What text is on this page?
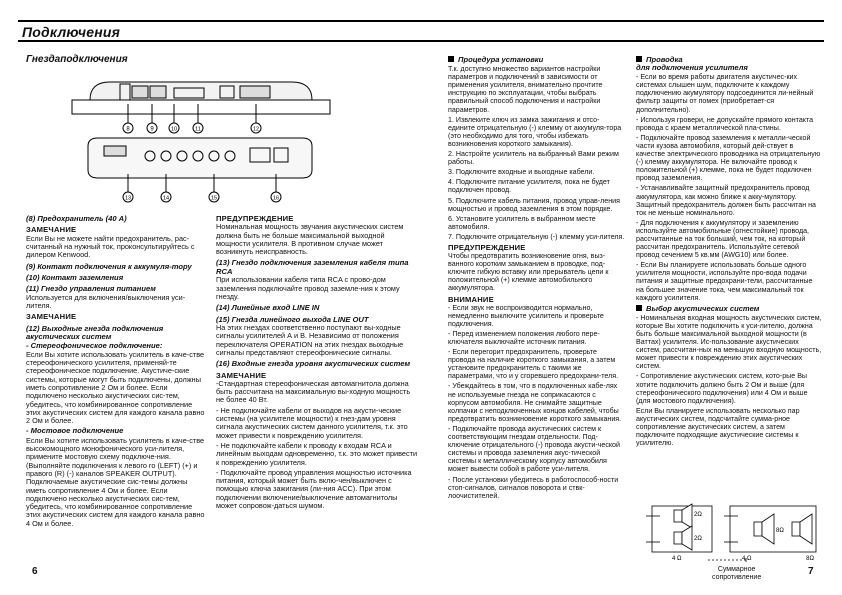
Подключения
Гнездаподключения
8	9	10	11	12
13	14	15	16
(8) Предохранитель (40 А)
ЗАМЕЧАНИЕ

Если Вы не можете найти предохранитель, рас-считанный на нужный ток, проконсультируйтесь с дилером Kenwood.

(9) Контакт подключения к аккумуля-тору
(10) Контакт заземления
(11) Гнездо управления питанием

Используется для включения/выключения уси-лителя.

ЗАМЕЧАНИЕ
(12) Выходные гнезда подключения акустических систем
- Стереофоническое подключение:

Если Вы хотите использовать усилитель в каче-стве стереофонического усилителя, применяй-те стереофоническое подключение. Акустиче-ские системы, которые могут быть подключены, должны иметь сопротивление 2 Ом и более. Если подключено несколько акустических сис-тем, убедитесь, что комбинированное сопротивление этих акустических систем для каждого канала равно 2 Ом и более.

- Мостовое подключение

Если Вы хотите использовать усилитель в каче-стве высокомощного монофонического уси-лителя, примените мостовую схему подключе-ния. (Выполняйте подключения к левого го (LEFT) (+) и правого (R) (-) каналов SPEAKER OUTPUT). Подключаемые акустические сис-темы должны иметь сопротивление 4 Ом и более. Если подключено несколько акустических сис-тем, убедитесь, что комбинированное сопротивление этих акустических систем для каждого канала равно 4 Ом и более.

ПРЕДУПРЕЖДЕНИЕ

Номинальная мощность звучания акустических систем должна быть не больше максимальной выходной мощности усилителя. В противном случае может возникнуть неисправность.

(13) Гнездо подключения заземления кабеля типа RCA

При использовании кабеля типа RCA с прово-дом заземления подключайте провод заземле-ния к этому гнезду.

(14) Линейные вход LINE IN
(15) Гнезда линейного выхода LINE OUT

На этих гнездах соответственно поступают вы-ходные сигналы усилителей А и В. Независимо от положения переключателя OPERATION на этих гнездах выходные сигналы представляют стереофонические сигналы.

(16) Входные гнезда уровня акустических систем
ЗАМЕЧАНИЕ

-Стандартная стереофоническая автомагнитола должна быть рассчитана на максимальную вы-ходную мощность не более 40 Вт.

- Не подключайте кабели от выходов на акусти-ческие системы (на усилителе мощности) к гнез-дам уровня сигнала акустических систем данного усилителя, т.к. это может привести к повреждению усилителя.

- Не подключайте кабели к проводу к входам RCA и линейным выходам одновременно, т.к. это может привести к повреждению усилителя.

- Подключайте провод управления мощностью источника питания, который может быть вклю-чен/выключен с помощью ключа зажигания (ли-ния ACC). При этом подключении включение/выключение автомагнитолы может сопровож-даться шумом.

Процедура установки

Т.к. доступно множество вариантов настройки параметров и подключений в зависимости от применения усилителя, внимательно прочтите инструкцию по эксплуатации, чтобы выбрать правильный способ подключения и настройки параметров.

1. Извлеките ключ из замка зажигания и отсо-едините отрицательную (-) клемму от аккумуля-тора (это необходимо для того, чтобы избежать возникновения короткого замыкания).

2. Настройте усилитель на выбранный Вами режим работы.

3. Подключите входные и выходные кабели.

4. Подключите питание усилителя, пока не будет подключен провод.

5. Подключите кабель питания, провод управ-ления мощностью и провод заземления в этом порядке.

6. Установите усилитель в выбранном месте автомобиля.

7. Подключите отрицательную (-) клемму уси-лителя.

ПРЕДУПРЕЖДЕНИЕ

Чтобы предотвратить возникновение огня, выз-ванного коротким замыканием в проводке, под-ключите гибкую вставку или прерыватель цепи к положительной (+) клемме автомобильного аккумулятора.

ВНИМАНИЕ

- Если звук не воспроизводится нормально, немедленно выключите усилитель и проверьте подключения.

- Перед изменением положения любого пере-ключателя выключайте источник питания.

- Если перегорит предохранитель, проверьте провода на наличие короткого замыкания, а затем установите предохранитель с такими же параметрами, что и у сгоревшего предохрани-теля.

- Убеждайтесь в том, что в подключенных кабе-лях не используемые гнезда не соприкасаются с корпусом автомобиля. Не снимайте защитные колпачки с неподключенных концов кабелей, чтобы предотвратить возникновение короткого замыкания.

- Подключайте провода акустических систем к соответствующим гнездам отдельности. Под-ключение отрицательного (-) провода акусти-ческой системы и провода заземления акус-тической системы к металлическому корпусу автомобиля может вывести собой в работе уси-лителя.

- После установки убедитесь в работоспособ-ности стоп-сигналов, сигналов поворота и ствк-лоочистителей.

Проводка
для подключения усилителя

- Если во время работы двигателя акустичес-ких системах слышен шум, подключите к каждому подключению акумулятору подсоединится ли-нейный фильтр защиты от помех (приобретает-ся дополнительно).

- Используя гровери, не допускайте прямого контакта провода с краем металлической пла-стины.

- Подключайте провод заземления к металли-ческой части кузова автомобиля, который дей-ствует в качестве электрического проводника на отрицательную (-) клемму аккумулятора. Не включайте провод к положительной (+) клемме, пока не будет подключен провод заземления.

- Устанавливайте защитный предохранитель провод аккумулятора, как можно ближе к акку-мулятору. Защитный предохранитель должен быть рассчитан на ток не меньше номинального.

- Для подключения к аккумулятору и заземлению используйте автомобильные (огнестойкие) провода, рассчитанные на ток больший, чем ток, на который рассчитан предохранитель. Используйте сетевой провод сечением 5 кв.мм (AWG10) или более.

- Если Вы планируете использовать больше одного усилителя мощности, используйте про-вода подачи питания и защитные предохрани-тели, рассчитанные на большее значение тока, чем максимальный ток каждого усилителя.

Выбор акустических систем

- Номинальная входная мощность акустических систем, которые Вы хотите подключить к уси-лителю, должна быть больше максимальной выходной мощности (в Ваттах) усилителя. Ис-пользование акустических систем, рассчитан-ных на меньшую входную мощность, может привести к повреждению этих акустических систем.

- Сопротивление акустических систем, кото-рые Вы хотите подключить должно быть 2 Ом и выше (для стереофонического подключения) или 4 Ом и выше (для мостового подключения).

Если Вы планируете использовать несколько пар акустических систем, подсчитайте сумма-рное сопротивление акустических систем, а затем подключите подходящие акустические системы к усилителю.

2Ω
2Ω
4 Ω
8Ω
8Ω
4 Ω
Суммарное
сопротивление
6	7
